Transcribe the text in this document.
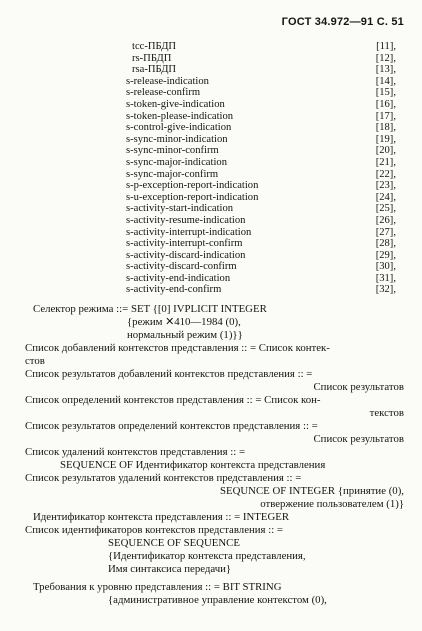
ГОСТ 34.972—91 С. 51
tcc-ПБДП	[11],
rs-ПБДП	[12],
rsa-ПБДП	[13],
s-release-indication	[14],
s-release-confirm	[15],
s-token-give-indication	[16],
s-token-please-indication	[17],
s-control-give-indication	[18],
s-sync-minor-indication	[19],
s-sync-minor-confirm	[20],
s-sync-major-indication	[21],
s-sync-major-confirm	[22],
s-p-exception-report-indication	[23],
s-u-exception-report-indication	[24],
s-activity-start-indication	[25],
s-activity-resume-indication	[26],
s-activity-interrupt-indication	[27],
s-activity-interrupt-confirm	[28],
s-activity-discard-indication	[29],
s-activity-discard-confirm	[30],
s-activity-end-indication	[31],
s-activity-end-confirm	[32],
Селектор режима ::= SET {[0] IVPLICIT INTEGER
{режим ✕410—1984 (0),
нормальный режим (1)}}
Список добавлений контекстов представления :: = Список контек-
стов
Список результатов добавлений контекстов представления :: =
Список результатов
Список определений контекстов представления :: = Список кон-
текстов
Список результатов определений контекстов представления :: =
Список результатов
Список удалений контекстов представления :: =
SEQUENCE OF Идентификатор контекста представления
Список результатов удалений контекстов представления :: =
SEQUNCE OF INTEGER {принятие (0),
отвержение пользователем (1)}
Идентификатор контекста представления :: = INTEGER
Список идентификаторов контекстов представления :: =
SEQUENCE OF SEQUENCE
{Идентификатор контекста представления,
Имя синтаксиса передачи}
Требования к уровню представления :: = BIT STRING
{административное управление контекстом (0),
